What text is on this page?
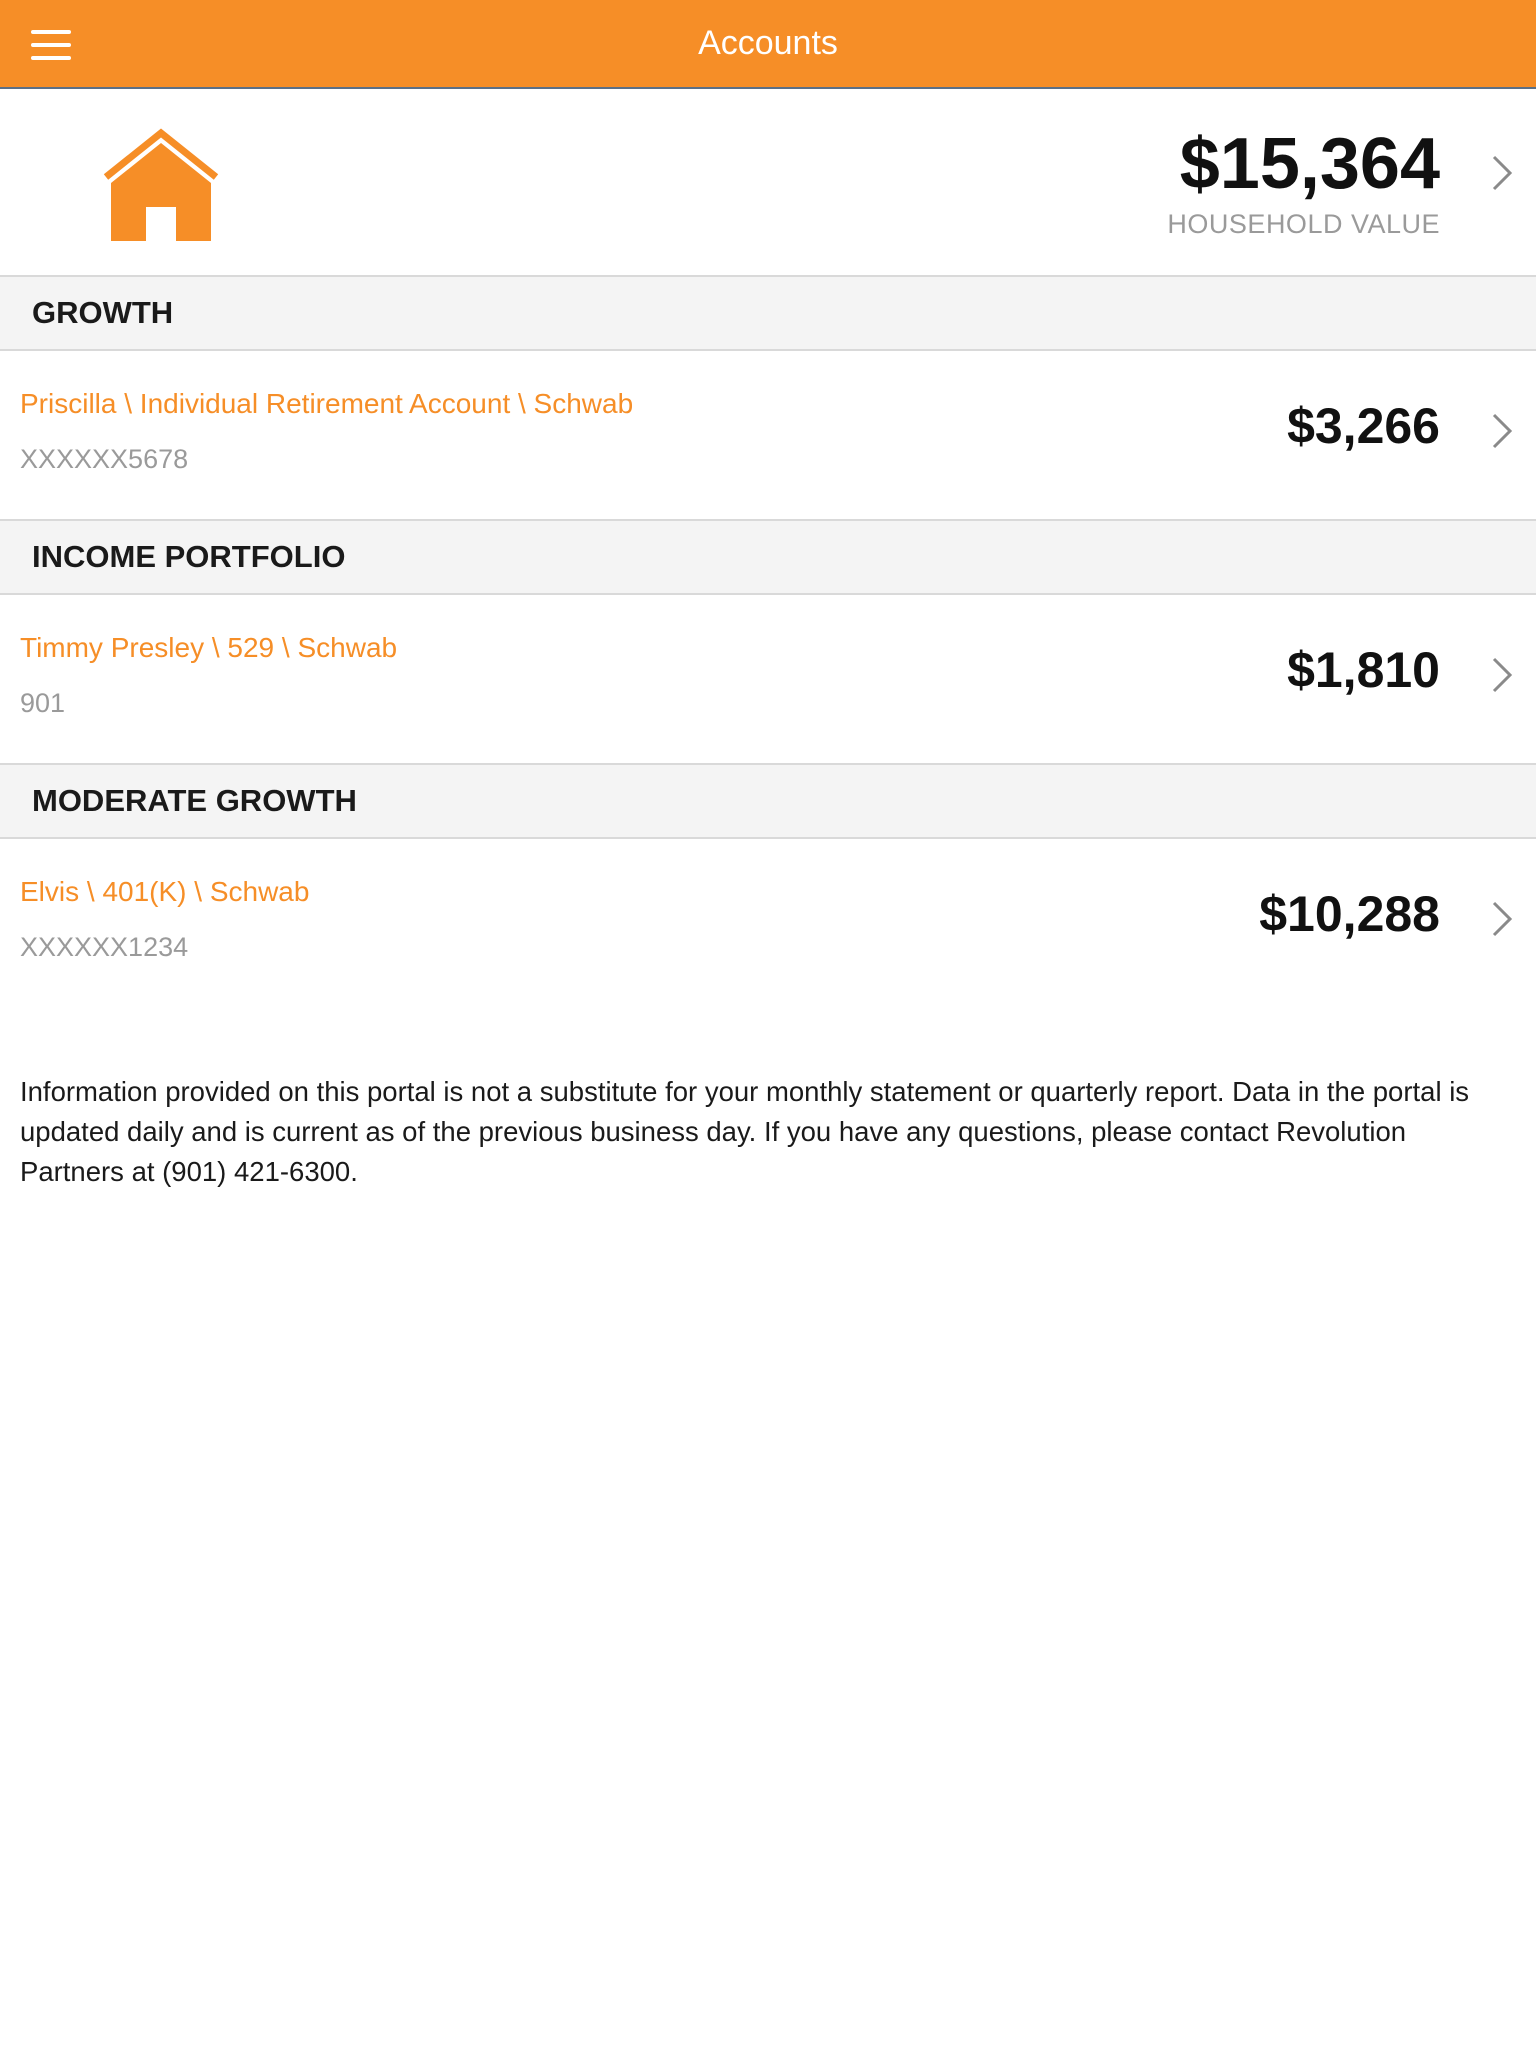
Accounts
$15,364
HOUSEHOLD VALUE
GROWTH
Priscilla \ Individual Retirement Account \ Schwab
XXXXXX5678
$3,266
INCOME PORTFOLIO
Timmy Presley \ 529 \ Schwab
901
$1,810
MODERATE GROWTH
Elvis \ 401(K) \ Schwab
XXXXXX1234
$10,288
Information provided on this portal is not a substitute for your monthly statement or quarterly report. Data in the portal is updated daily and is current as of the previous business day. If you have any questions, please contact Revolution Partners at (901) 421-6300.
